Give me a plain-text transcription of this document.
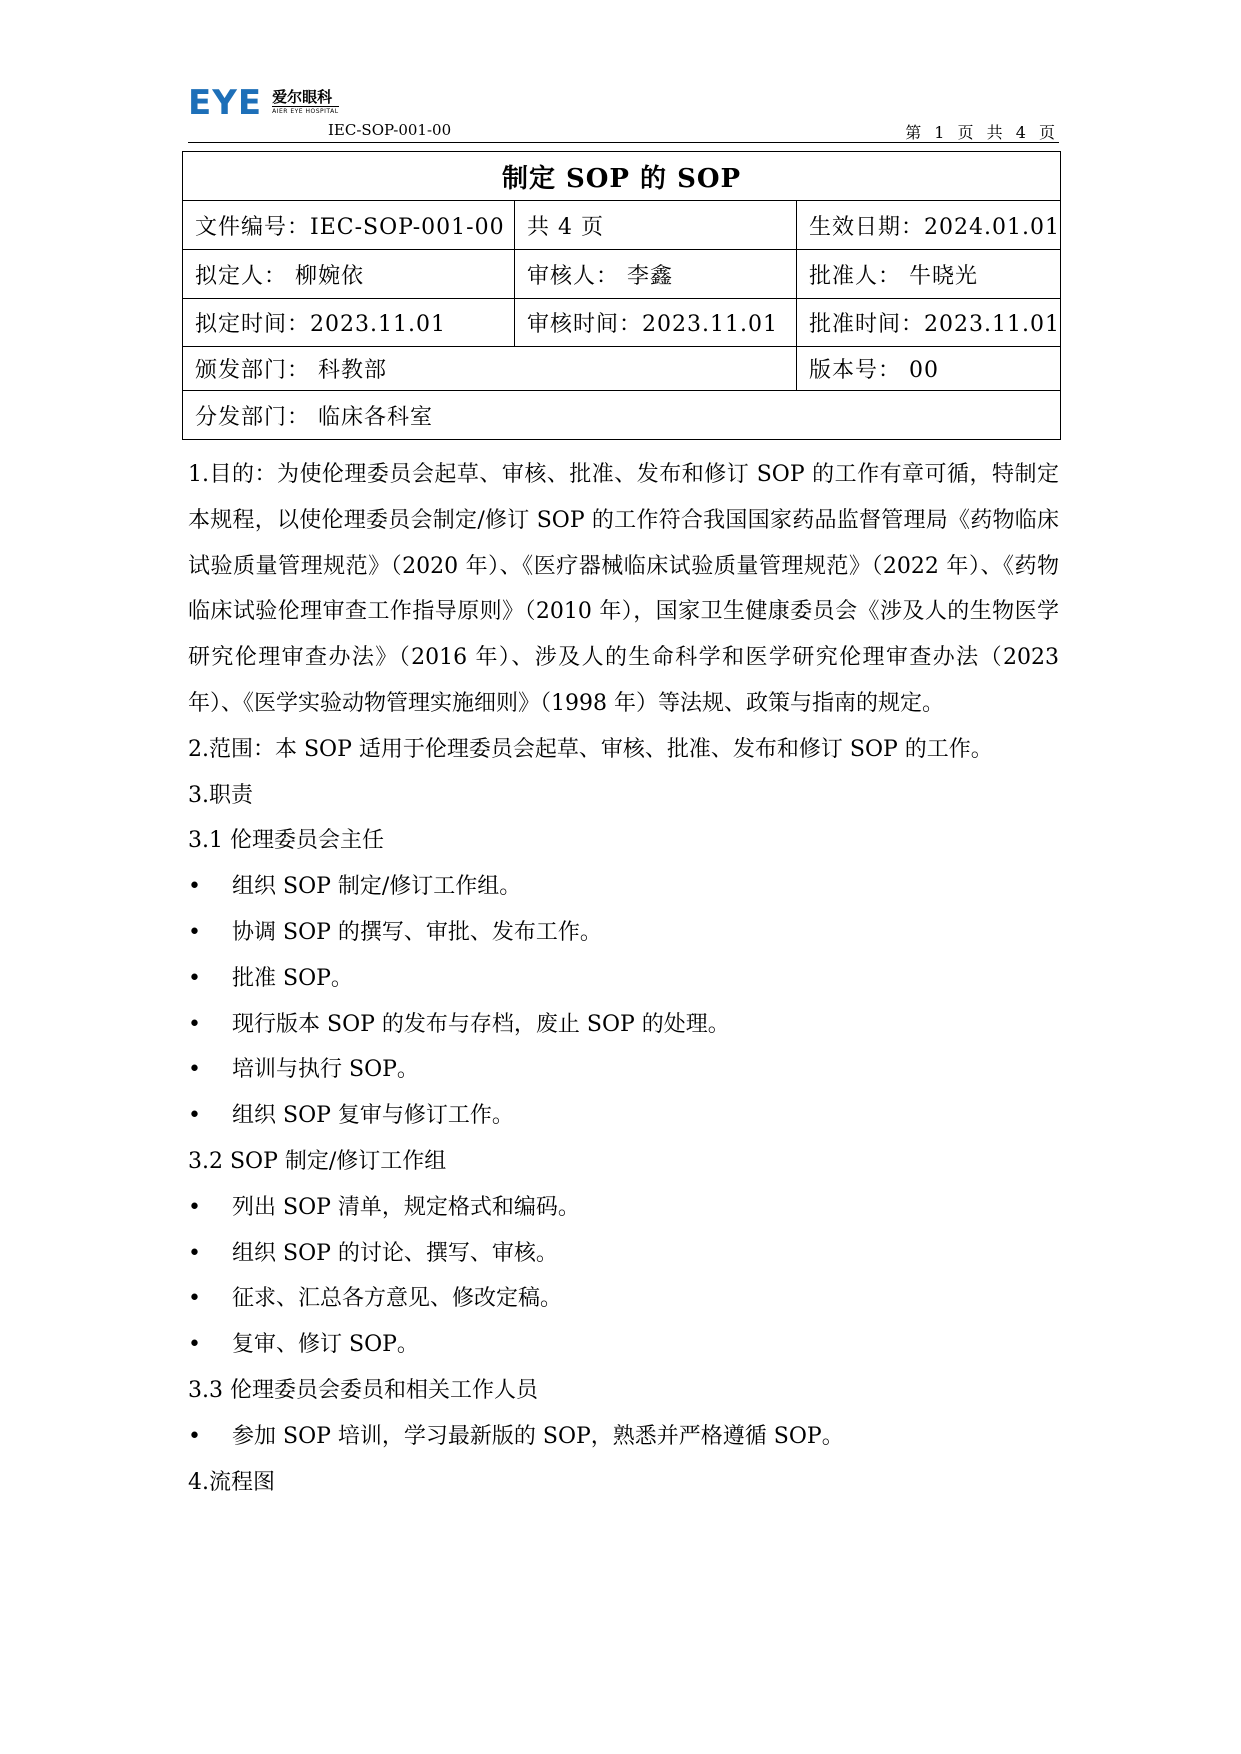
EYE 爱尔眼科
AIER EYE HOSPITAL
IEC-SOP-001-00	第 1 页 共 4 页
制定 SOP 的 SOP		
文件编号：IEC-SOP-001-00	共 4 页	生效日期：2024.01.01
拟定人： 柳婉依	审核人： 李鑫	批准人： 牛晓光
拟定时间：2023.11.01	审核时间：2023.11.01	批准时间：2023.11.01
颁发部门： 科教部		版本号： 00
分发部门： 临床各科室		

1.目的：为使伦理委员会起草、审核、批准、发布和修订 SOP 的工作有章可循，特制定本规程，以使伦理委员会制定/修订 SOP 的工作符合我国国家药品监督管理局《药物临床试验质量管理规范》（2020 年）、《医疗器械临床试验质量管理规范》（2022 年）、《药物临床试验伦理审查工作指导原则》（2010 年），国家卫生健康委员会《涉及人的生物医学研究伦理审查办法》（2016 年）、涉及人的生命科学和医学研究伦理审查办法（2023 年）、《医学实验动物管理实施细则》（1998 年）等法规、政策与指南的规定。

2.范围：本 SOP 适用于伦理委员会起草、审核、批准、发布和修订 SOP 的工作。

3.职责

3.1 伦理委员会主任

•	组织 SOP 制定/修订工作组。
•	协调 SOP 的撰写、审批、发布工作。
•	批准 SOP。
•	现行版本 SOP 的发布与存档，废止 SOP 的处理。
•	培训与执行 SOP。
•	组织 SOP 复审与修订工作。

3.2 SOP 制定/修订工作组

•	列出 SOP 清单，规定格式和编码。
•	组织 SOP 的讨论、撰写、审核。
•	征求、汇总各方意见、修改定稿。
•	复审、修订 SOP。

3.3 伦理委员会委员和相关工作人员

•	参加 SOP 培训，学习最新版的 SOP，熟悉并严格遵循 SOP。

4.流程图
